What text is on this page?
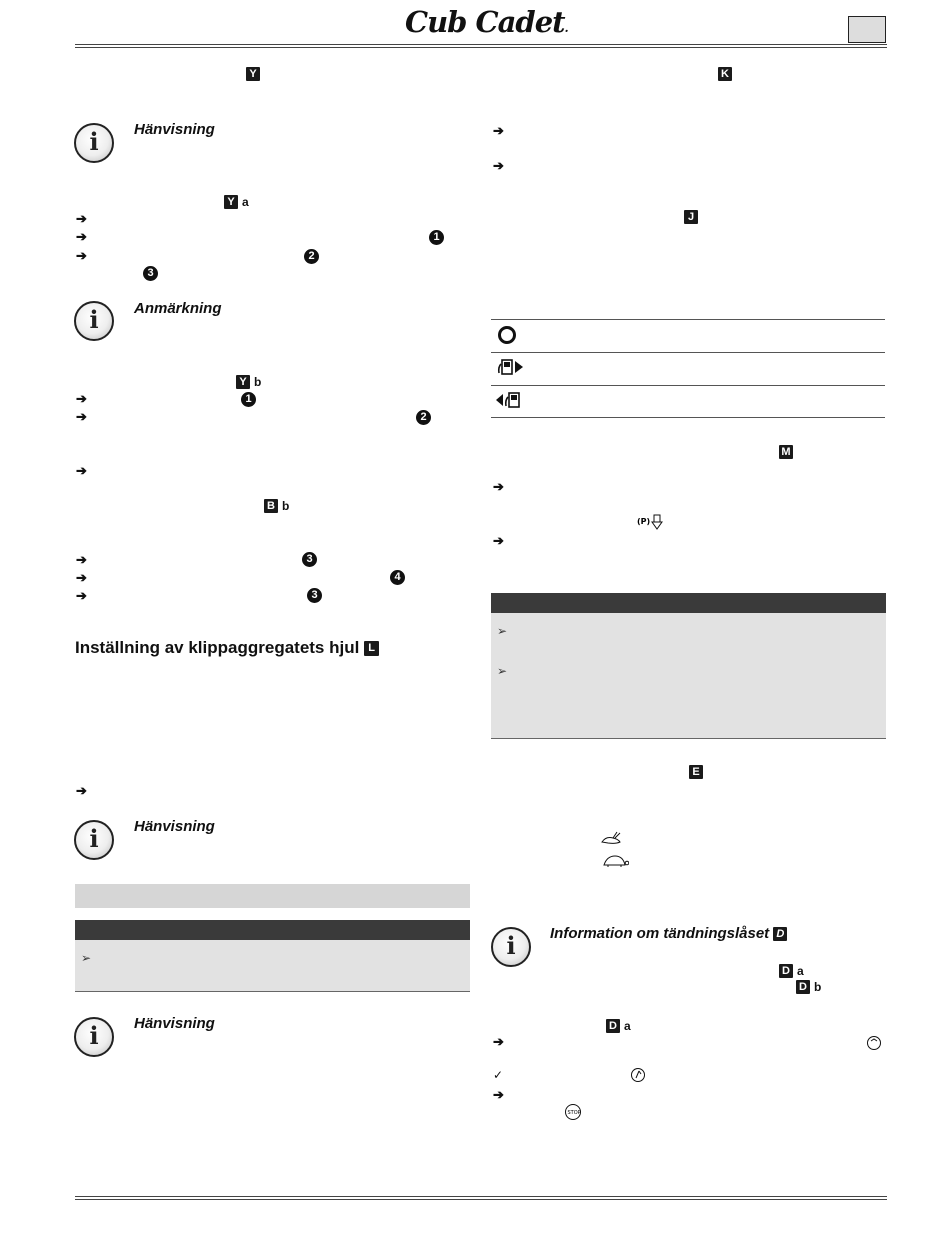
Cub Cadet.
Y
i	Hänvisning
Y a
➔
➔	1
➔	2
3
i	Anmärkning
Y b
➔	1
➔	2
➔
B b
➔	3
➔	4
➔	3
Inställning av klippaggregatets hjul L
➔
i	Hänvisning
➢
i	Hänvisning
K
➔
➔
J
M
➔
(P)
➔
➢
➢
E
i	Information om tändningslåset D
D a
D b
D a
➔
✓
➔
STOP
